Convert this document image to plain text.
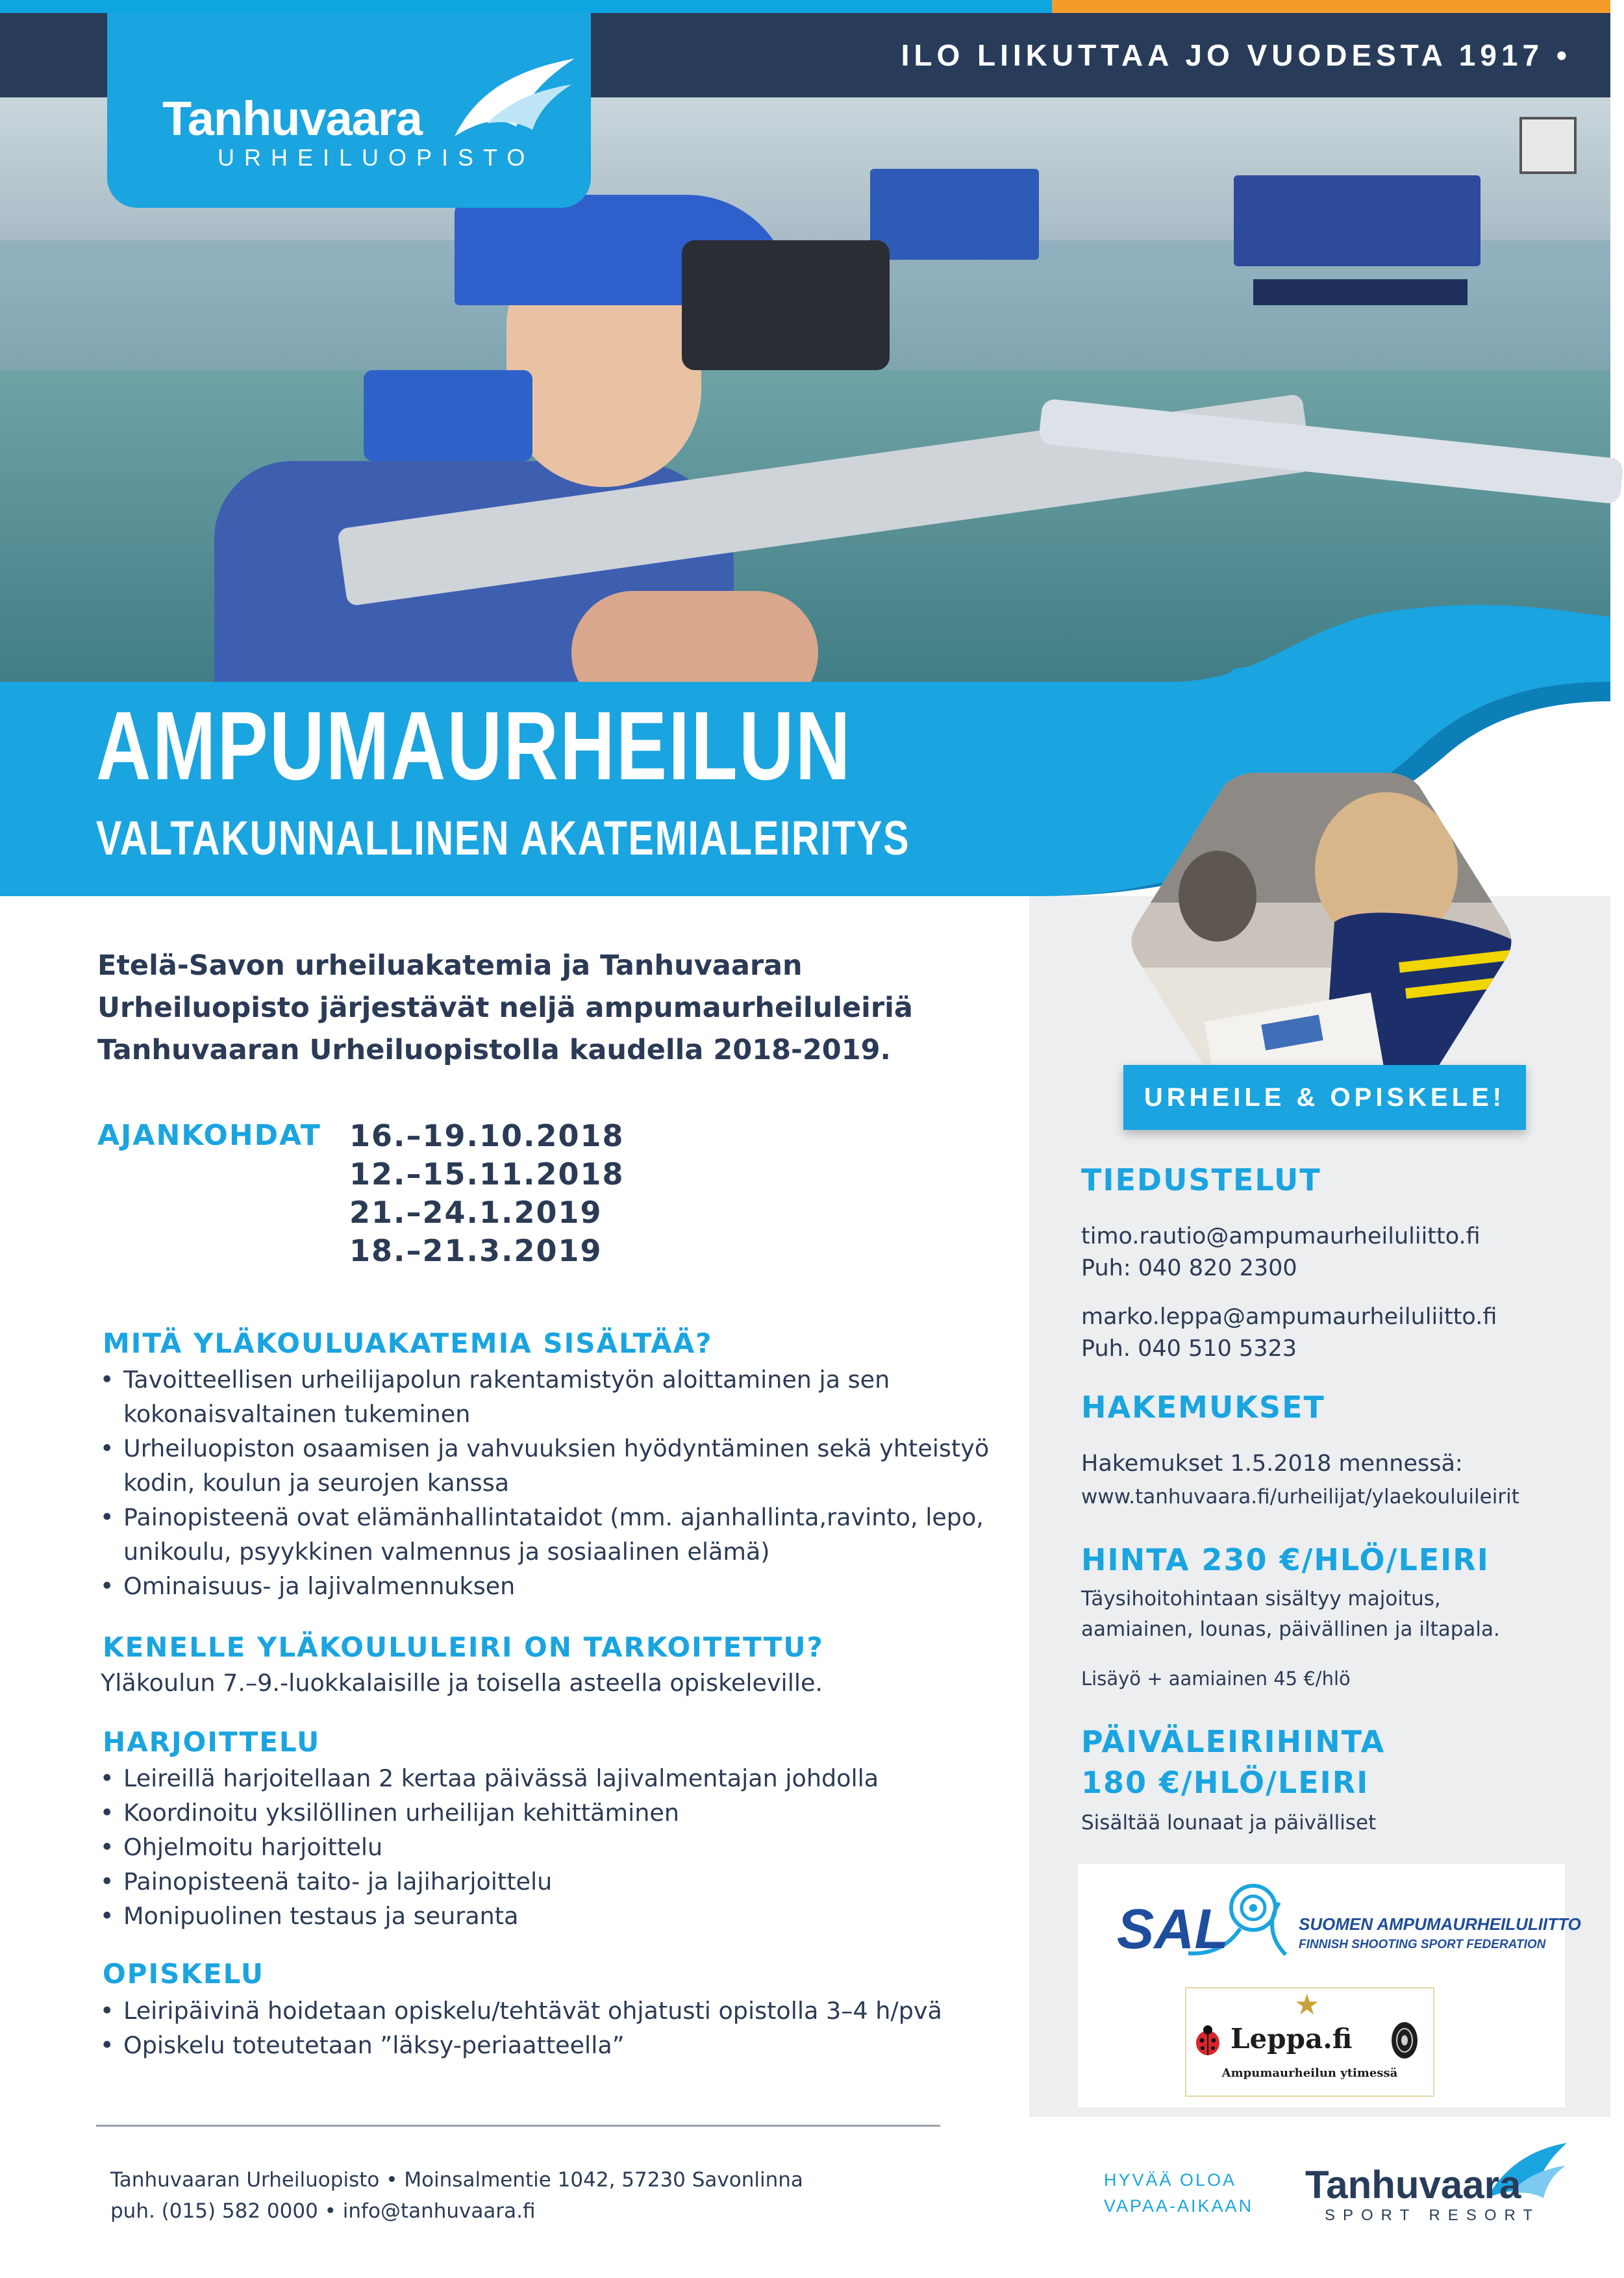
ILO LIIKUTTAA JO VUODESTA 1917 •
Tanhuvaara
URHEILUOPISTO
AMPUMAURHEILUN
VALTAKUNNALLINEN AKATEMIALEIRITYS
URHEILE & OPISKELE!
TIEDUSTELUT
timo.rautio@ampumaurheiluliitto.fi
Puh: 040 820 2300
marko.leppa@ampumaurheiluliitto.fi
Puh. 040 510 5323
HAKEMUKSET
Hakemukset 1.5.2018 mennessä:
www.tanhuvaara.fi/urheilijat/ylaekouluileirit
HINTA 230 €/HLÖ/LEIRI
Täysihoitohintaan sisältyy majoitus,
aamiainen, lounas, päivällinen ja iltapala.
Lisäyö + aamiainen 45 €/hlö
PÄIVÄLEIRIHINTA
180 €/HLÖ/LEIRI
Sisältää lounaat ja päivälliset
SAL	SUOMEN AMPUMAURHEILULIITTO
FINNISH SHOOTING SPORT FEDERATION
★
Leppa.fi
Ampumaurheilun ytimessä
Etelä-Savon urheiluakatemia ja Tanhuvaaran Urheiluopisto järjestävät neljä ampumaurheiluleiriä Tanhuvaaran Urheiluopistolla kaudella 2018-2019.
AJANKOHDAT 16.–19.10.2018
12.–15.11.2018
21.–24.1.2019
18.–21.3.2019
MITÄ YLÄKOULUAKATEMIA SISÄLTÄÄ?
• Tavoitteellisen urheilijapolun rakentamistyön aloittaminen ja sen kokonaisvaltainen tukeminen
• Urheiluopiston osaamisen ja vahvuuksien hyödyntäminen sekä yhteistyö kodin, koulun ja seurojen kanssa
• Painopisteenä ovat elämänhallintataidot (mm. ajanhallinta,ravinto, lepo, unikoulu, psyykkinen valmennus ja sosiaalinen elämä)
• Ominaisuus- ja lajivalmennuksen
KENELLE YLÄKOULULEIRI ON TARKOITETTU?
Yläkoulun 7.–9.-luokkalaisille ja toisella asteella opiskeleville.
HARJOITTELU
• Leireillä harjoitellaan 2 kertaa päivässä lajivalmentajan johdolla
• Koordinoitu yksilöllinen urheilijan kehittäminen
• Ohjelmoitu harjoittelu
• Painopisteenä taito- ja lajiharjoittelu
• Monipuolinen testaus ja seuranta
OPISKELU
• Leiripäivinä hoidetaan opiskelu/tehtävät ohjatusti opistolla 3–4 h/pvä
• Opiskelu toteutetaan ”läksy-periaatteella”
Tanhuvaaran Urheiluopisto • Moinsalmentie 1042, 57230 Savonlinna
puh. (015) 582 0000 • info@tanhuvaara.fi
HYVÄÄ OLOA
VAPAA-AIKAAN Tanhuvaara
SPORT RESORT
